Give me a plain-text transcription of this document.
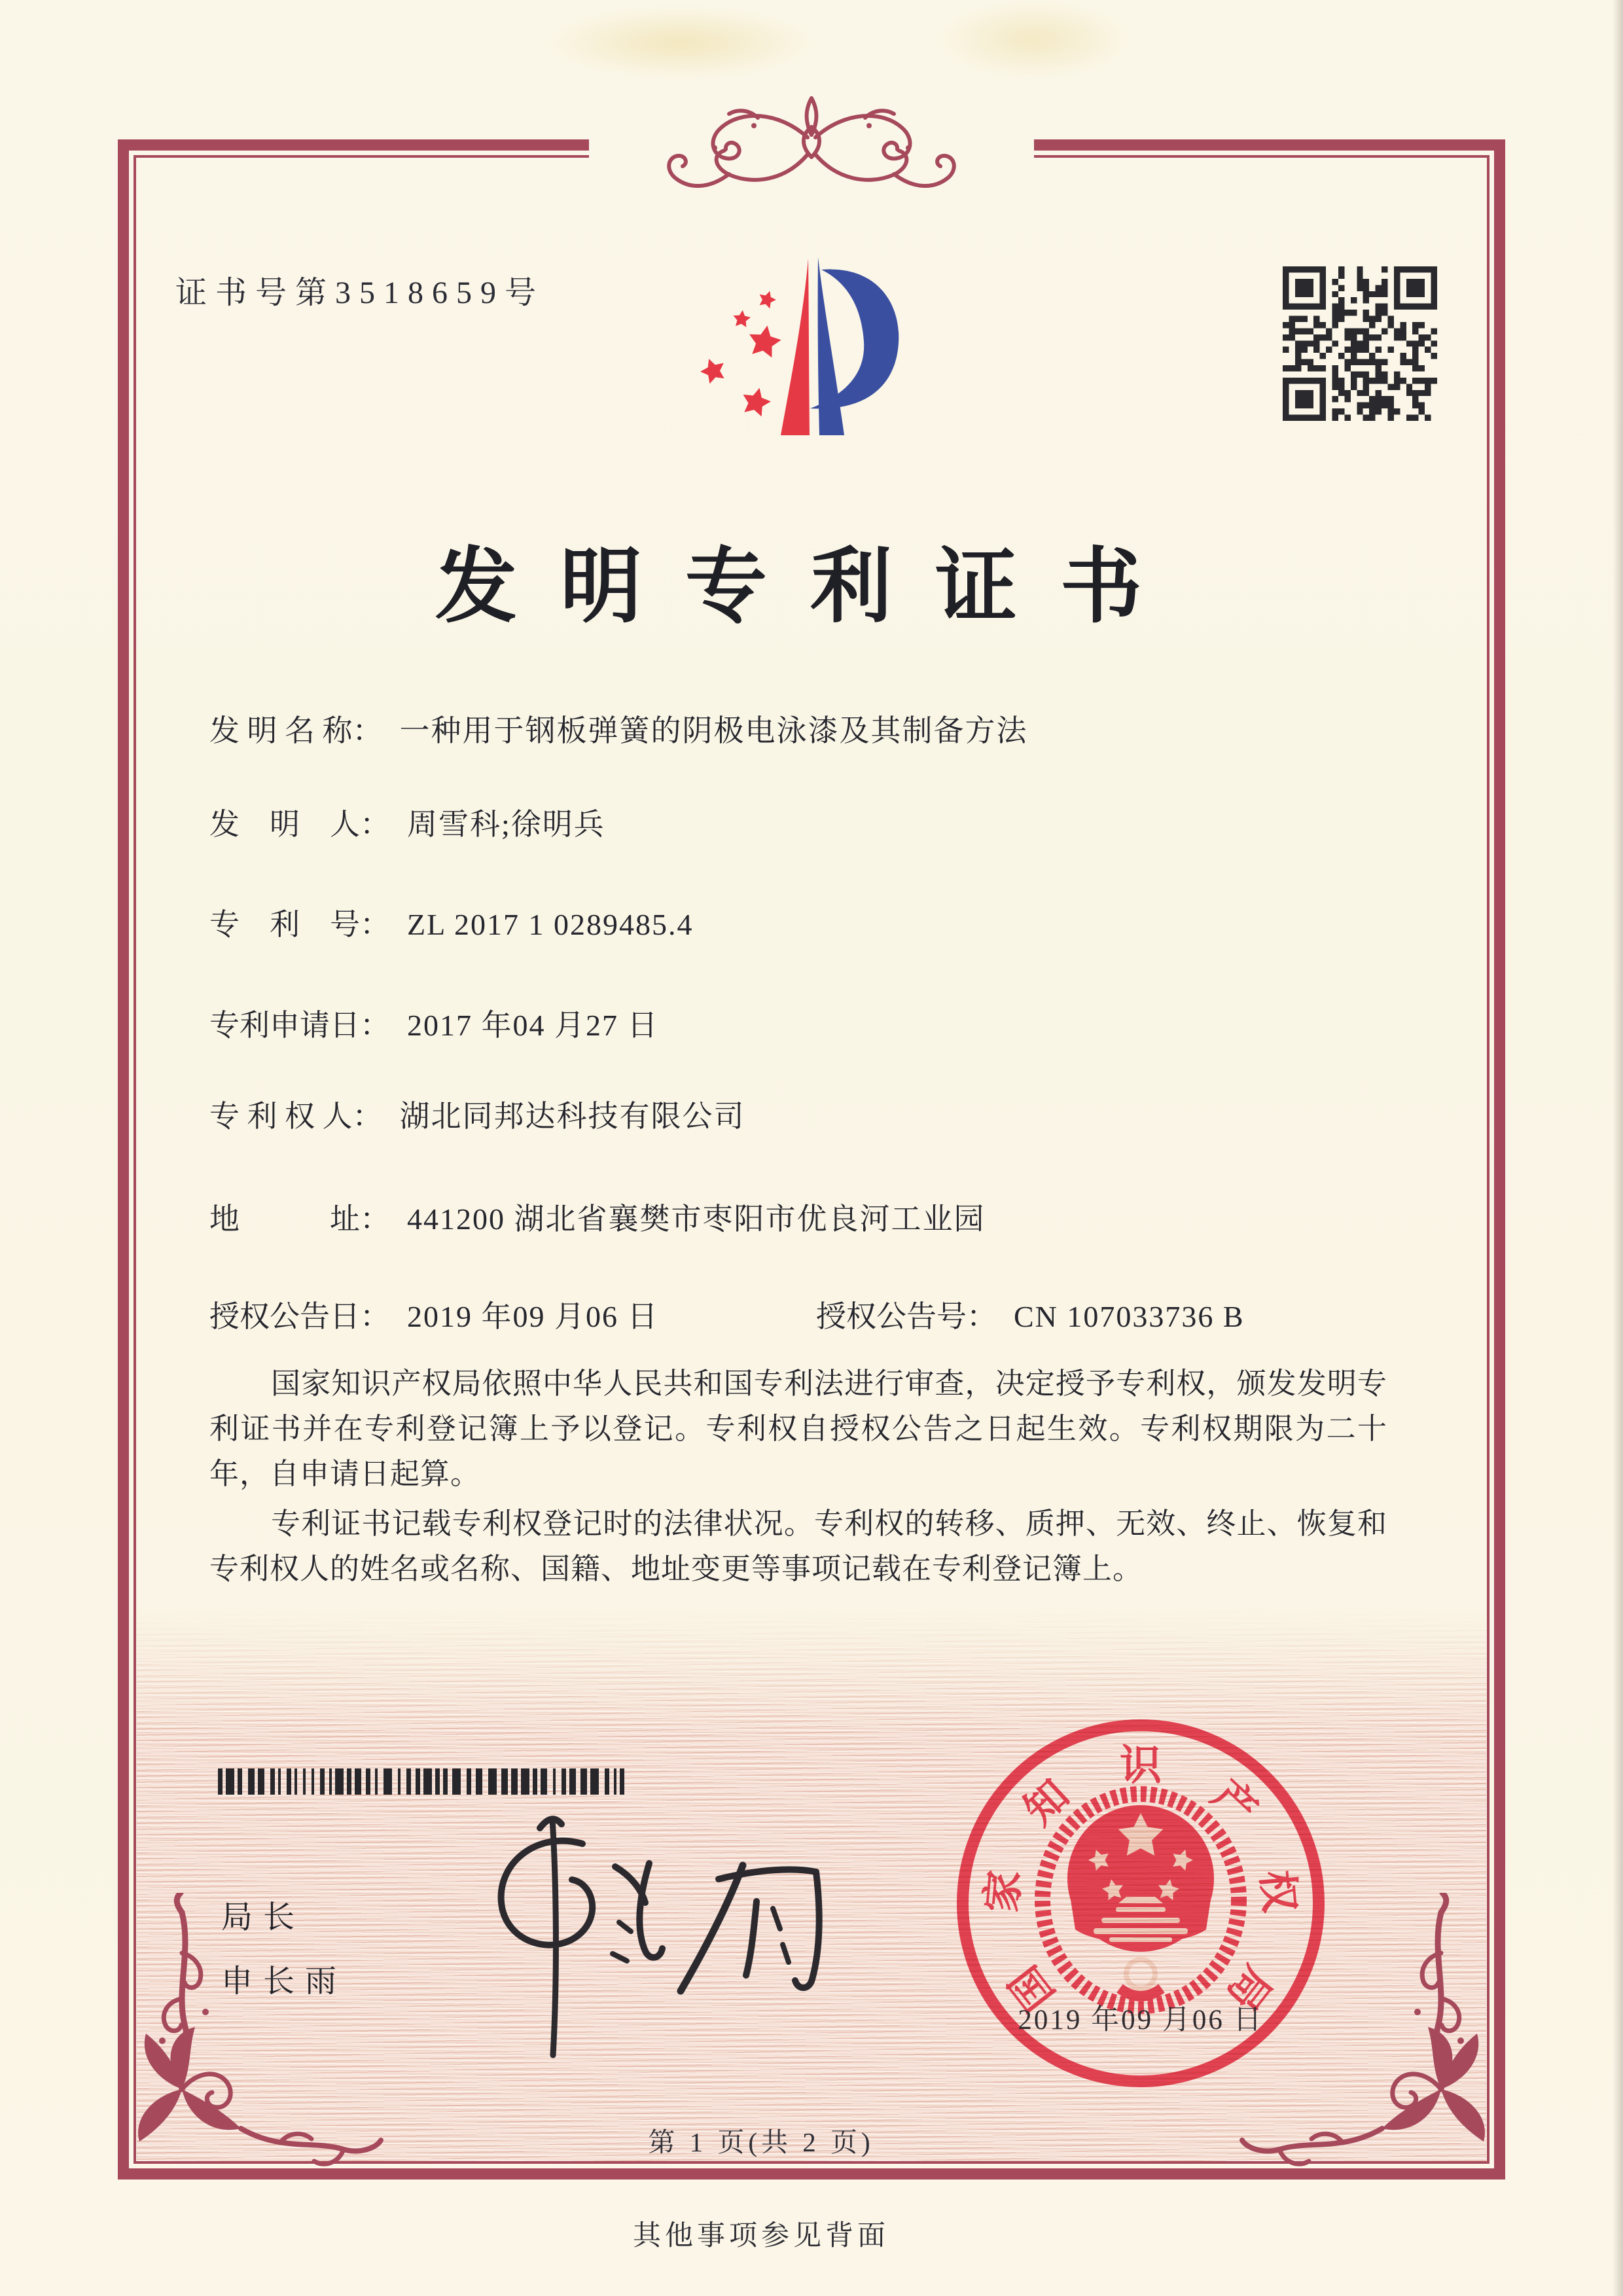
证书号第3518659号
发明专利证书
发 明 名 称： 一种用于钢板弹簧的阴极电泳漆及其制备方法
发　明　人： 周雪科;徐明兵
专　利　号： ZL 2017 1 0289485.4
专利申请日： 2017 年04 月27 日
专 利 权 人： 湖北同邦达科技有限公司
地　　　址： 441200 湖北省襄樊市枣阳市优良河工业园
授权公告日： 2019 年09 月06 日	授权公告号： CN 107033736 B
国家知识产权局依照中华人民共和国专利法进行审查，决定授予专利权，颁发发明专利证书并在专利登记簿上予以登记。专利权自授权公告之日起生效。专利权期限为二十年，自申请日起算。
专利证书记载专利权登记时的法律状况。专利权的转移、质押、无效、终止、恢复和专利权人的姓名或名称、国籍、地址变更等事项记载在专利登记簿上。
局长
申长雨	国
家
知
识
产
权
局
2019 年09 月06 日
第 1 页(共 2 页)
其他事项参见背面
